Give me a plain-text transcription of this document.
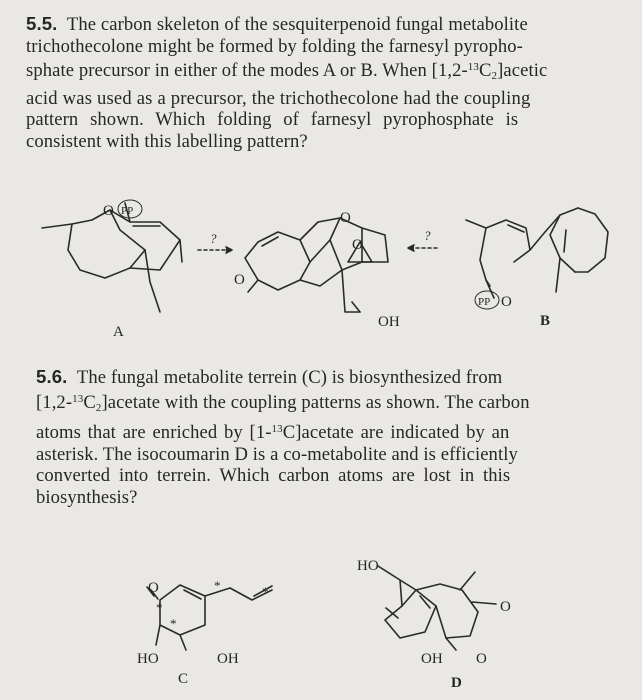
5.5. The carbon skeleton of the sesquiterpenoid fungal metabolite
trichothecolone might be formed by folding the farnesyl pyropho-
sphate precursor in either of the modes A or B. When $[1,2-^{13}C_2]acetic$
acid was used as a precursor, the trichothecolone had the coupling
pattern shown. Which folding of farnesyl pyrophosphate is
consistent with this labelling pattern?
5.6. The fungal metabolite terrein (C) is biosynthesized from
$[1,2-^{13}C_2]acetate$ with the coupling patterns as shown. The carbon
atoms that are enriched by [1-$^{13}$C]acetate are indicated by an
asterisk. The isocoumarin D is a co-metabolite and is efficiently
converted into terrein. Which carbon atoms are lost in this
biosynthesis?
O PP
A
?
O
O
O
OH
?
PP O
B
O
*
*
*	*
HO	OH
C
HO
O
OH O
D
